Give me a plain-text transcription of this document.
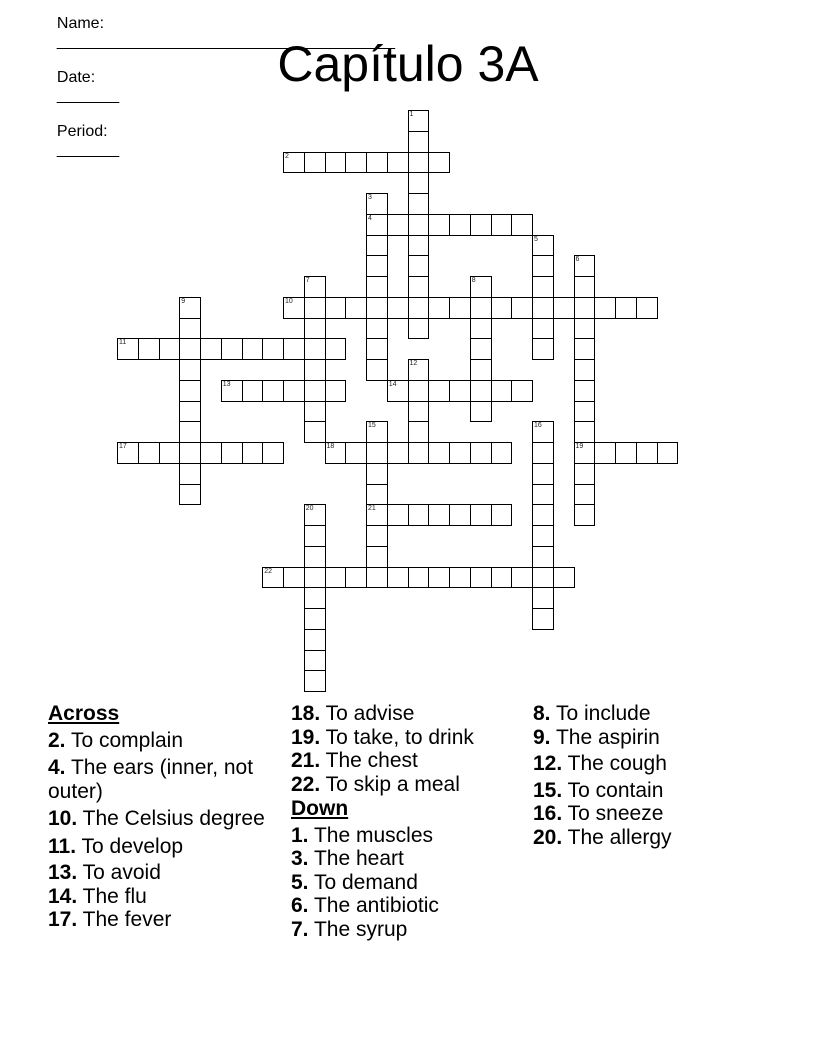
Name:
______________________________________

Date:
_______

Period:
_______

Capítulo 3A
1
2
3
4
5
6
19
7	8
9	10
11
12
13	14
15
21
16
17	18
20
22
Across
2. To complain
4. The ears (inner, not outer)
10. The Celsius degree
11. To develop
13. To avoid
14. The flu
17. The fever
18. To advise
19. To take, to drink
21. The chest
22. To skip a meal
Down
1. The muscles
3. The heart
5. To demand
6. The antibiotic
7. The syrup
8. To include
9. The aspirin
12. The cough
15. To contain
16. To sneeze
20. The allergy
